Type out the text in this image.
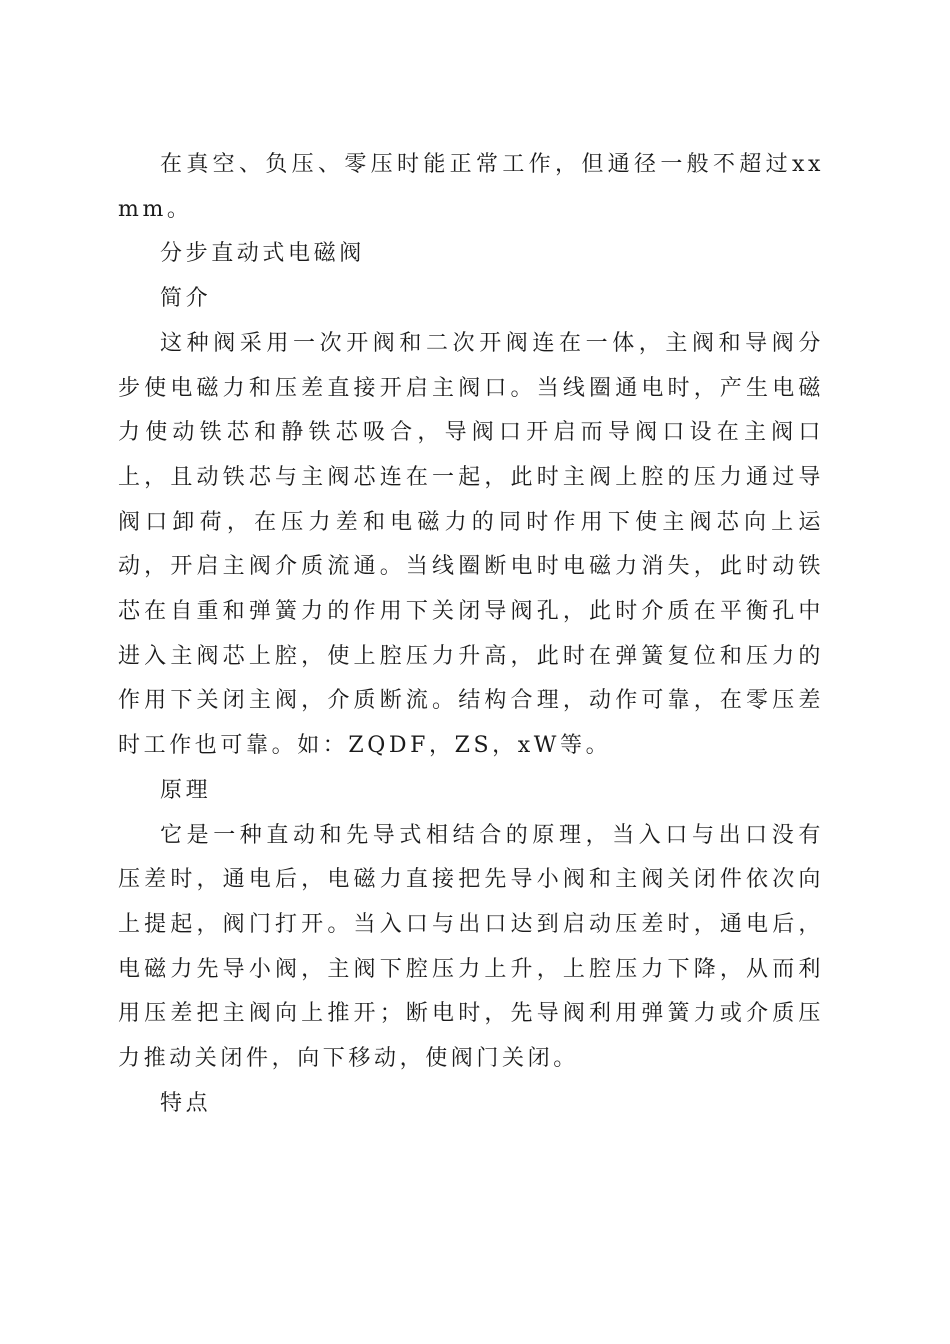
在真空、负压、零压时能正常工作，但通径一般不超过xxmm。

分步直动式电磁阀

简介

这种阀采用一次开阀和二次开阀连在一体，主阀和导阀分步使电磁力和压差直接开启主阀口。当线圈通电时，产生电磁力使动铁芯和静铁芯吸合，导阀口开启而导阀口设在主阀口上，且动铁芯与主阀芯连在一起，此时主阀上腔的压力通过导阀口卸荷，在压力差和电磁力的同时作用下使主阀芯向上运动，开启主阀介质流通。当线圈断电时电磁力消失，此时动铁芯在自重和弹簧力的作用下关闭导阀孔，此时介质在平衡孔中进入主阀芯上腔，使上腔压力升高，此时在弹簧复位和压力的作用下关闭主阀，介质断流。结构合理，动作可靠，在零压差时工作也可靠。如：ZQDF，ZS，xW等。

原理

它是一种直动和先导式相结合的原理，当入口与出口没有压差时，通电后，电磁力直接把先导小阀和主阀关闭件依次向上提起，阀门打开。当入口与出口达到启动压差时，通电后，电磁力先导小阀，主阀下腔压力上升，上腔压力下降，从而利用压差把主阀向上推开；断电时，先导阀利用弹簧力或介质压力推动关闭件，向下移动，使阀门关闭。

特点
